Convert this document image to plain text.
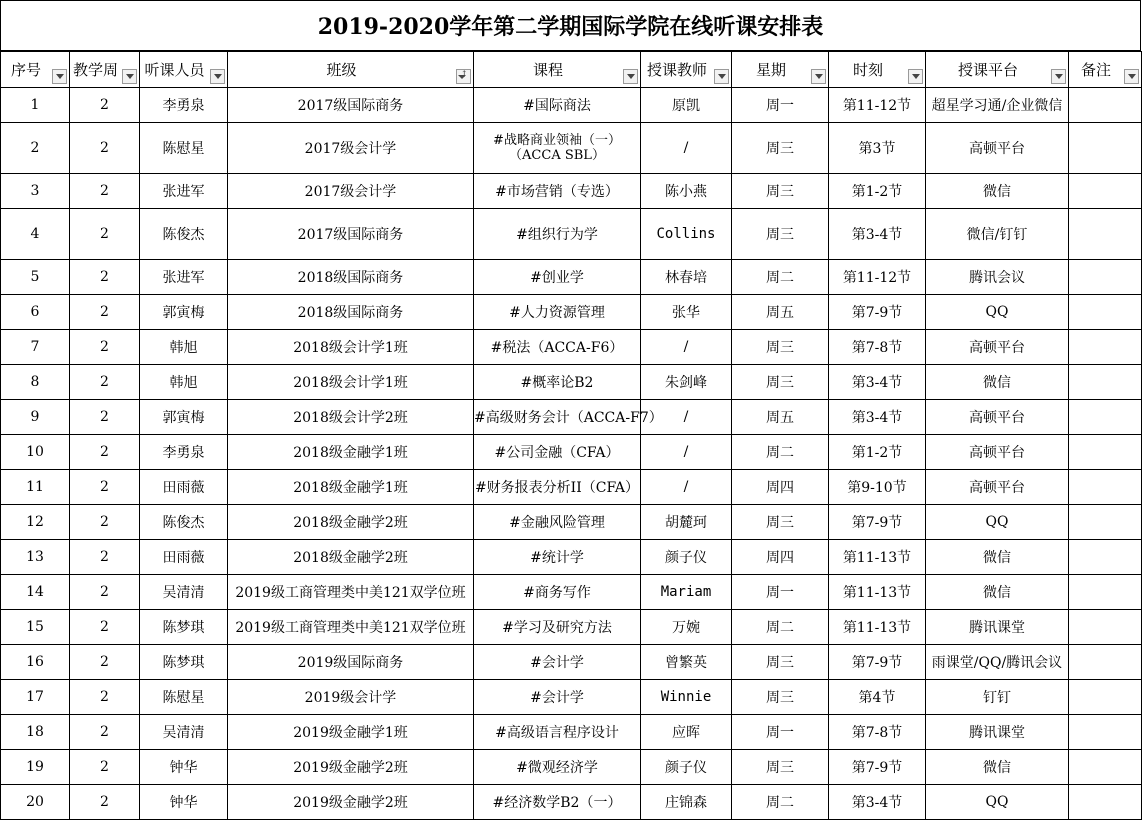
2019-2020学年第二学期国际学院在线听课安排表
序号	教学周	听课人员	班级 ↑	课程	授课教师	星期	时刻	授课平台	备注

1	2	李勇泉	2017级国际商务	#国际商法	原凯	周一	第11-12节	超星学习通/企业微信	
2	2	陈慰星	2017级会计学	#战略商业领袖（一）（ACCA SBL）	/	周三	第3节	高顿平台	
3	2	张进军	2017级会计学	#市场营销（专选）	陈小燕	周三	第1-2节	微信	
4	2	陈俊杰	2017级国际商务	#组织行为学	Collins	周三	第3-4节	微信/钉钉	
5	2	张进军	2018级国际商务	#创业学	林春培	周二	第11-12节	腾讯会议	
6	2	郭寅梅	2018级国际商务	#人力资源管理	张华	周五	第7-9节	QQ	
7	2	韩旭	2018级会计学1班	#税法（ACCA-F6）	/	周三	第7-8节	高顿平台	
8	2	韩旭	2018级会计学1班	#概率论B2	朱剑峰	周三	第3-4节	微信	
9	2	郭寅梅	2018级会计学2班	#高级财务会计（ACCA-F7）	/	周五	第3-4节	高顿平台	
10	2	李勇泉	2018级金融学1班	#公司金融（CFA）	/	周二	第1-2节	高顿平台	
11	2	田雨薇	2018级金融学1班	#财务报表分析II（CFA）	/	周四	第9-10节	高顿平台	
12	2	陈俊杰	2018级金融学2班	#金融风险管理	胡麓珂	周三	第7-9节	QQ	
13	2	田雨薇	2018级金融学2班	#统计学	颜子仪	周四	第11-13节	微信	
14	2	吴清清	2019级工商管理类中美121双学位班	#商务写作	Mariam	周一	第11-13节	微信	
15	2	陈梦琪	2019级工商管理类中美121双学位班	#学习及研究方法	万婉	周二	第11-13节	腾讯课堂	
16	2	陈梦琪	2019级国际商务	#会计学	曾繁英	周三	第7-9节	雨课堂/QQ/腾讯会议	
17	2	陈慰星	2019级会计学	#会计学	Winnie	周三	第4节	钉钉	
18	2	吴清清	2019级金融学1班	#高级语言程序设计	应晖	周一	第7-8节	腾讯课堂	
19	2	钟华	2019级金融学2班	#微观经济学	颜子仪	周三	第7-9节	微信	
20	2	钟华	2019级金融学2班	#经济数学B2（一）	庄锦森	周二	第3-4节	QQ	
